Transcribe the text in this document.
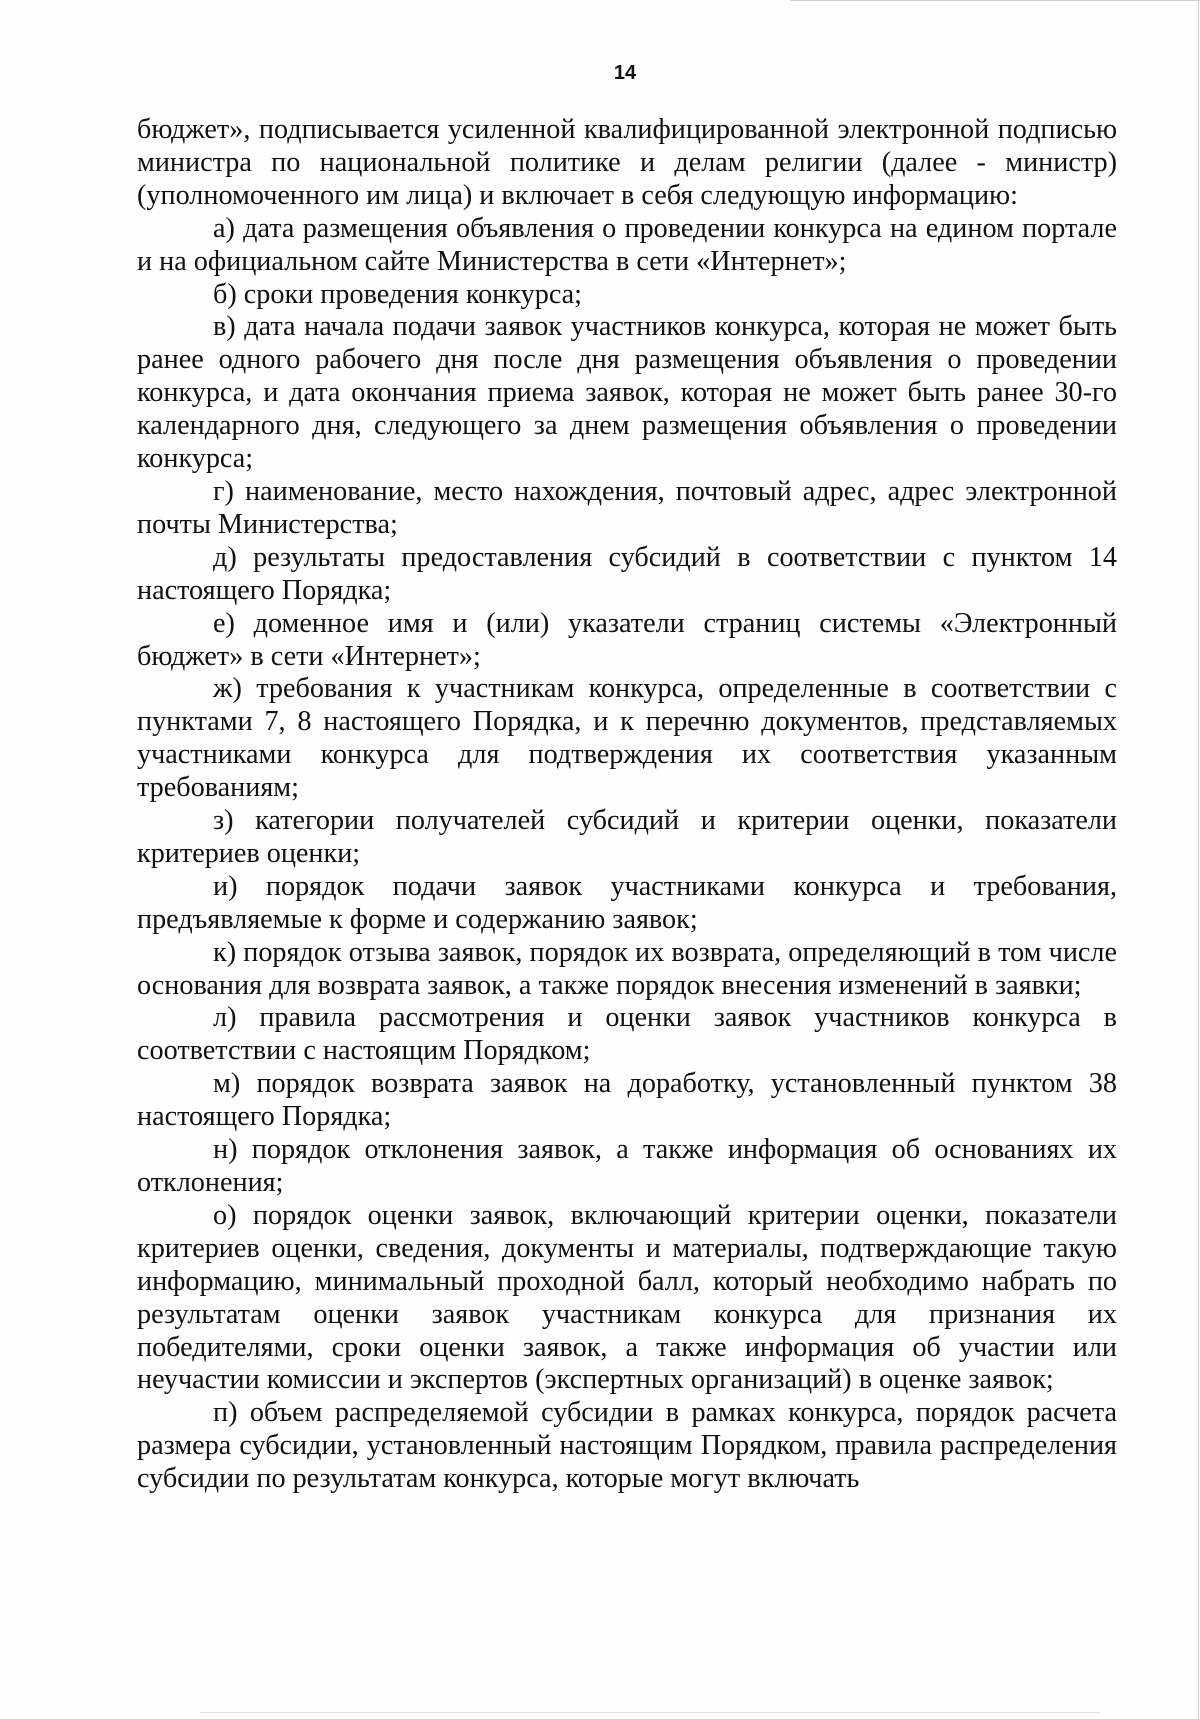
14

бюджет», подписывается усиленной квалифицированной электронной подписью министра по национальной политике и делам религии (далее - министр) (уполномоченного им лица) и включает в себя следующую информацию:

а) дата размещения объявления о проведении конкурса на едином портале и на официальном сайте Министерства в сети «Интернет»;

б) сроки проведения конкурса;

в) дата начала подачи заявок участников конкурса, которая не может быть ранее одного рабочего дня после дня размещения объявления о проведении конкурса, и дата окончания приема заявок, которая не может быть ранее 30-го календарного дня, следующего за днем размещения объявления о проведении конкурса;

г) наименование, место нахождения, почтовый адрес, адрес электронной почты Министерства;

д) результаты предоставления субсидий в соответствии с пунктом 14 настоящего Порядка;

е) доменное имя и (или) указатели страниц системы «Электронный бюджет» в сети «Интернет»;

ж) требования к участникам конкурса, определенные в соответствии с пунктами 7, 8 настоящего Порядка, и к перечню документов, представляемых участниками конкурса для подтверждения их соответствия указанным требованиям;

з) категории получателей субсидий и критерии оценки, показатели критериев оценки;

и) порядок подачи заявок участниками конкурса и требования, предъявляемые к форме и содержанию заявок;

к) порядок отзыва заявок, порядок их возврата, определяющий в том числе основания для возврата заявок, а также порядок внесения изменений в заявки;

л) правила рассмотрения и оценки заявок участников конкурса в соответствии с настоящим Порядком;

м) порядок возврата заявок на доработку, установленный пунктом 38 настоящего Порядка;

н) порядок отклонения заявок, а также информация об основаниях их отклонения;

о) порядок оценки заявок, включающий критерии оценки, показатели критериев оценки, сведения, документы и материалы, подтверждающие такую информацию, минимальный проходной балл, который необходимо набрать по результатам оценки заявок участникам конкурса для признания их победителями, сроки оценки заявок, а также информация об участии или неучастии комиссии и экспертов (экспертных организаций) в оценке заявок;

п) объем распределяемой субсидии в рамках конкурса, порядок расчета размера субсидии, установленный настоящим Порядком, правила распределения субсидии по результатам конкурса, которые могут включать
